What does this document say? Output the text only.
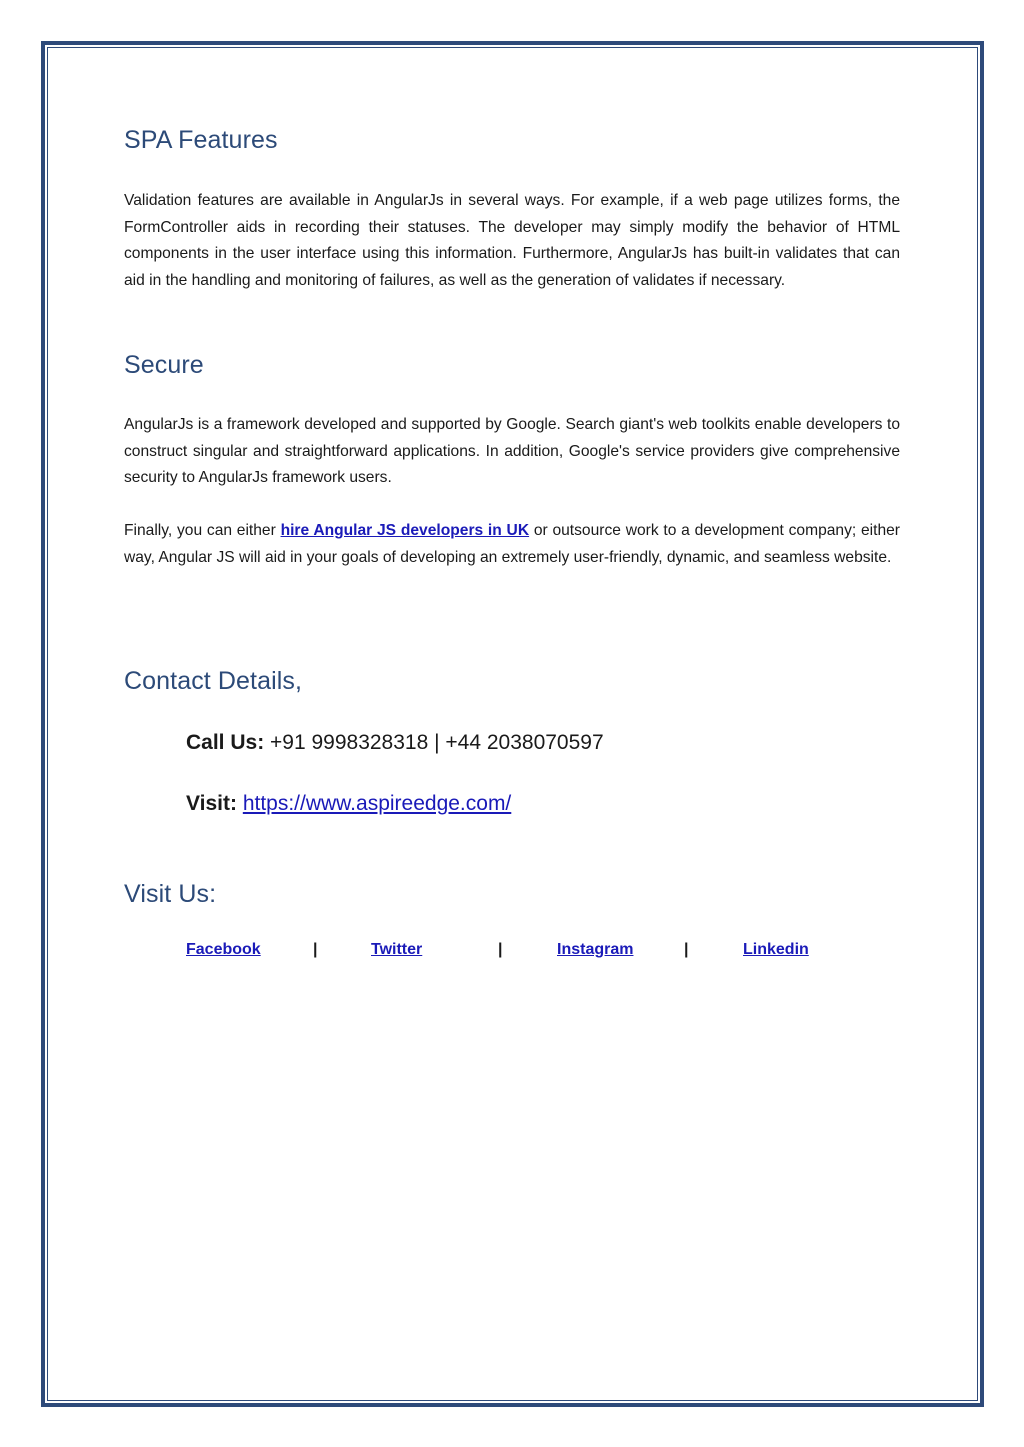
SPA Features

Validation features are available in AngularJs in several ways. For example, if a web page utilizes forms, the FormController aids in recording their statuses. The developer may simply modify the behavior of HTML components in the user interface using this information. Furthermore, AngularJs has built-in validates that can aid in the handling and monitoring of failures, as well as the generation of validates if necessary.

Secure

AngularJs is a framework developed and supported by Google. Search giant's web toolkits enable developers to construct singular and straightforward applications. In addition, Google's service providers give comprehensive security to AngularJs framework users.

Finally, you can either hire Angular JS developers in UK or outsource work to a development company; either way, Angular JS will aid in your goals of developing an extremely user-friendly, dynamic, and seamless website.

Contact Details,
Call Us: +91 9998328318 | +44 2038070597
Visit: https://www.aspireedge.com/
Visit Us:
Facebook	|	Twitter	|	Instagram	|	Linkedin
